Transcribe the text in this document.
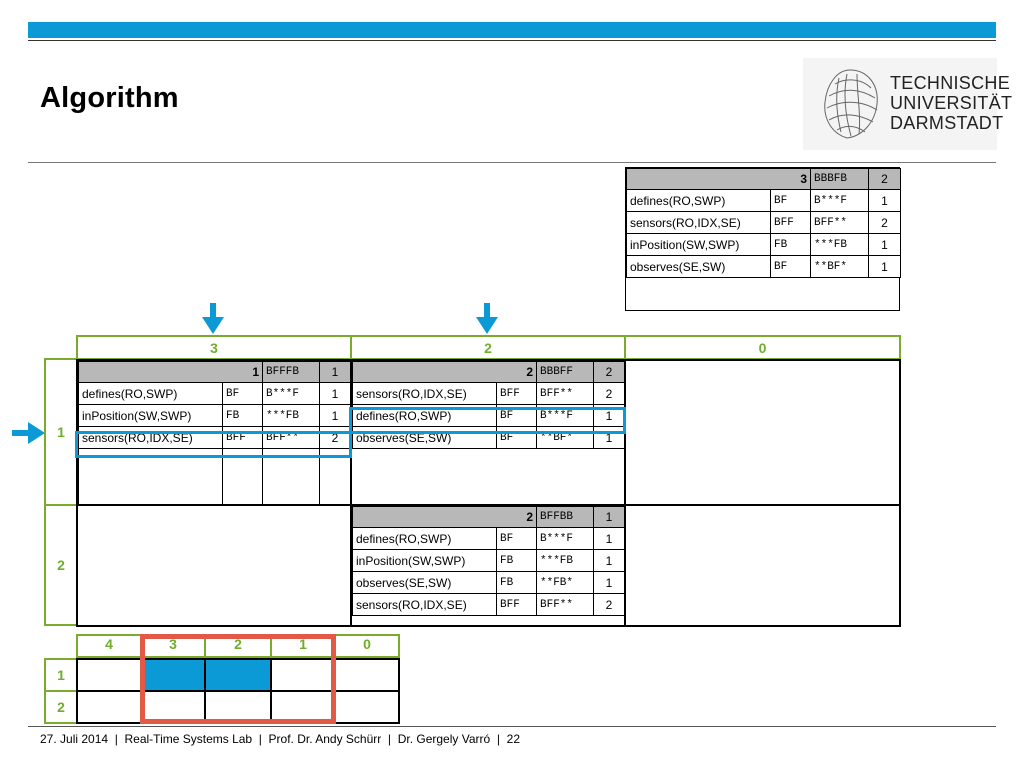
Algorithm	TECHNISCHE
UNIVERSITÄT
DARMSTADT
3		BBBFB	2
defines(RO,SWP)	BF	B***F	1
sensors(RO,IDX,SE)	BFF	BFF**	2
inPosition(SW,SWP)	FB	***FB	1
observes(SE,SW)	BF	**BF*	1
3	2	0
1
2
1		BFFFB	1
defines(RO,SWP)	BF	B***F	1
inPosition(SW,SWP)	FB	***FB	1
sensors(RO,IDX,SE)	BFF	BFF**	2

2		BBBFF	2
sensors(RO,IDX,SE)	BFF	BFF**	2
defines(RO,SWP)	BF	B***F	1
observes(SE,SW)	BF	**BF*	1
2		BFFBB	1
defines(RO,SWP)	BF	B***F	1
inPosition(SW,SWP)	FB	***FB	1
observes(SE,SW)	FB	**FB*	1
sensors(RO,IDX,SE)	BFF	BFF**	2
4	3	2	1	0
1
2
27. Juli 2014  |  Real-Time Systems Lab  |  Prof. Dr. Andy Schürr  |  Dr. Gergely Varró  |  22
